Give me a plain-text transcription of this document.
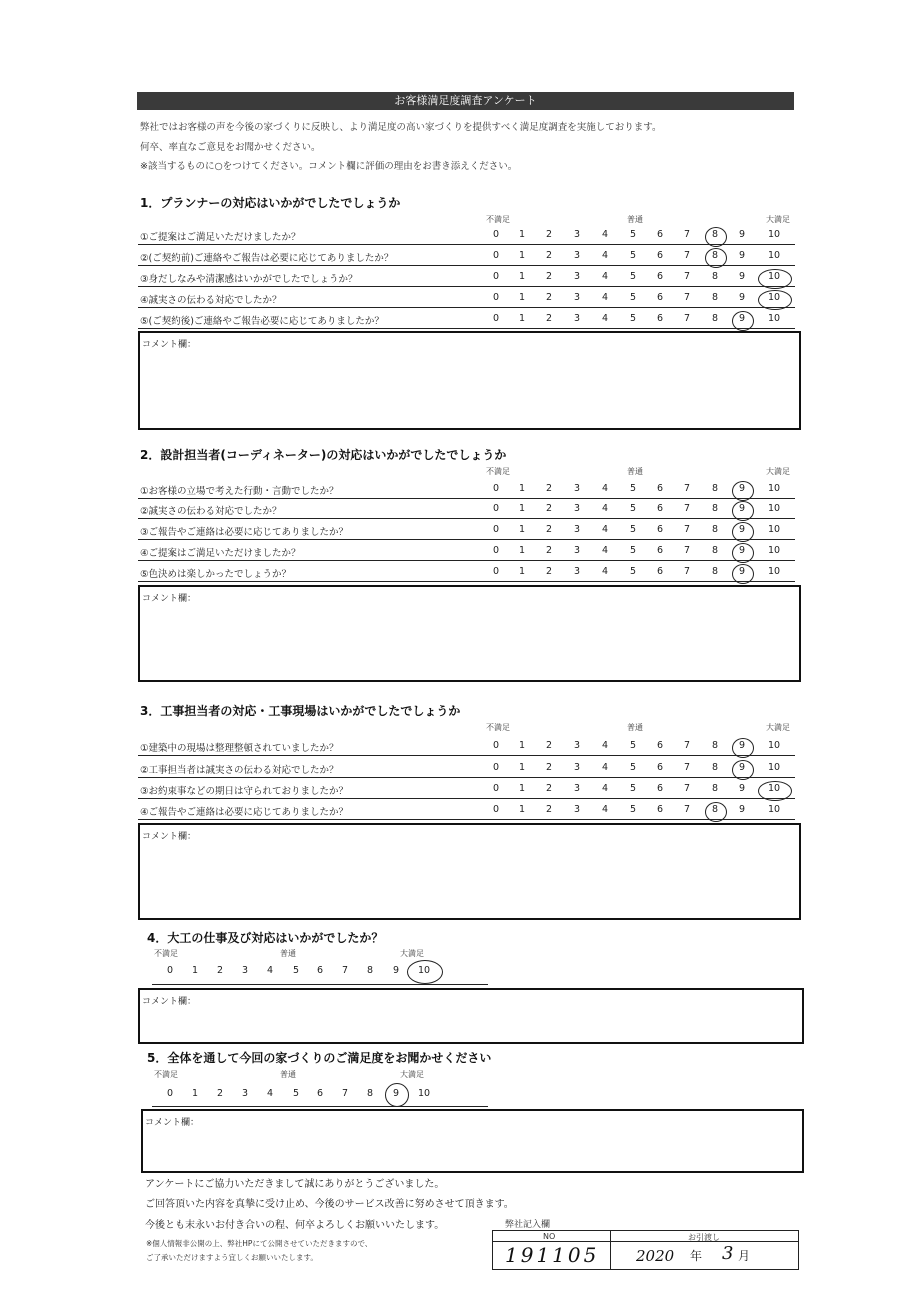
お客様満足度調査アンケート
弊社ではお客様の声を今後の家づくりに反映し、より満足度の高い家づくりを提供すべく満足度調査を実施しております。
何卒、率直なご意見をお聞かせください。
※該当するものに○をつけてください。コメント欄に評価の理由をお書き添えください。
1．プランナーの対応はいかがでしたでしょうか
不満足	普通	大満足
①ご提案はご満足いただけましたか？	0	1	2	3	4	5	6	7	8	9	10
②(ご契約前)ご連絡やご報告は必要に応じてありましたか？	0	1	2	3	4	5	6	7	8	9	10
③身だしなみや清潔感はいかがでしたでしょうか？	0	1	2	3	4	5	6	7	8	9	10
④誠実さの伝わる対応でしたか？	0	1	2	3	4	5	6	7	8	9	10
⑤(ご契約後)ご連絡やご報告必要に応じてありましたか？	0	1	2	3	4	5	6	7	8	9	10
コメント欄：
2．設計担当者(コーディネーター)の対応はいかがでしたでしょうか
不満足	普通	大満足
①お客様の立場で考えた行動・言動でしたか？	0	1	2	3	4	5	6	7	8	9	10
②誠実さの伝わる対応でしたか？	0	1	2	3	4	5	6	7	8	9	10
③ご報告やご連絡は必要に応じてありましたか？	0	1	2	3	4	5	6	7	8	9	10
④ご提案はご満足いただけましたか？	0	1	2	3	4	5	6	7	8	9	10
⑤色決めは楽しかったでしょうか？	0	1	2	3	4	5	6	7	8	9	10
コメント欄：
3．工事担当者の対応・工事現場はいかがでしたでしょうか
不満足	普通	大満足
①建築中の現場は整理整頓されていましたか？	0	1	2	3	4	5	6	7	8	9	10
②工事担当者は誠実さの伝わる対応でしたか？	0	1	2	3	4	5	6	7	8	9	10
③お約束事などの期日は守られておりましたか？	0	1	2	3	4	5	6	7	8	9	10
④ご報告やご連絡は必要に応じてありましたか？	0	1	2	3	4	5	6	7	8	9	10
コメント欄：
4．大工の仕事及び対応はいかがでしたか？
不満足	普通	大満足
0	1	2	3	4	5	6	7	8	9	10
コメント欄：
5．全体を通して今回の家づくりのご満足度をお聞かせください
不満足	普通	大満足
0	1	2	3	4	5	6	7	8	9	10
コメント欄：
アンケートにご協力いただきまして誠にありがとうございました。
ご回答頂いた内容を真摯に受け止め、今後のサービス改善に努めさせて頂きます。
今後とも末永いお付き合いの程、何卒よろしくお願いいたします。
※個人情報非公開の上、弊社HPにて公開させていただきますので、
ご了承いただけますよう宜しくお願いいたします。
弊社記入欄
NO	お引渡し
191105 2020 年 3 月
